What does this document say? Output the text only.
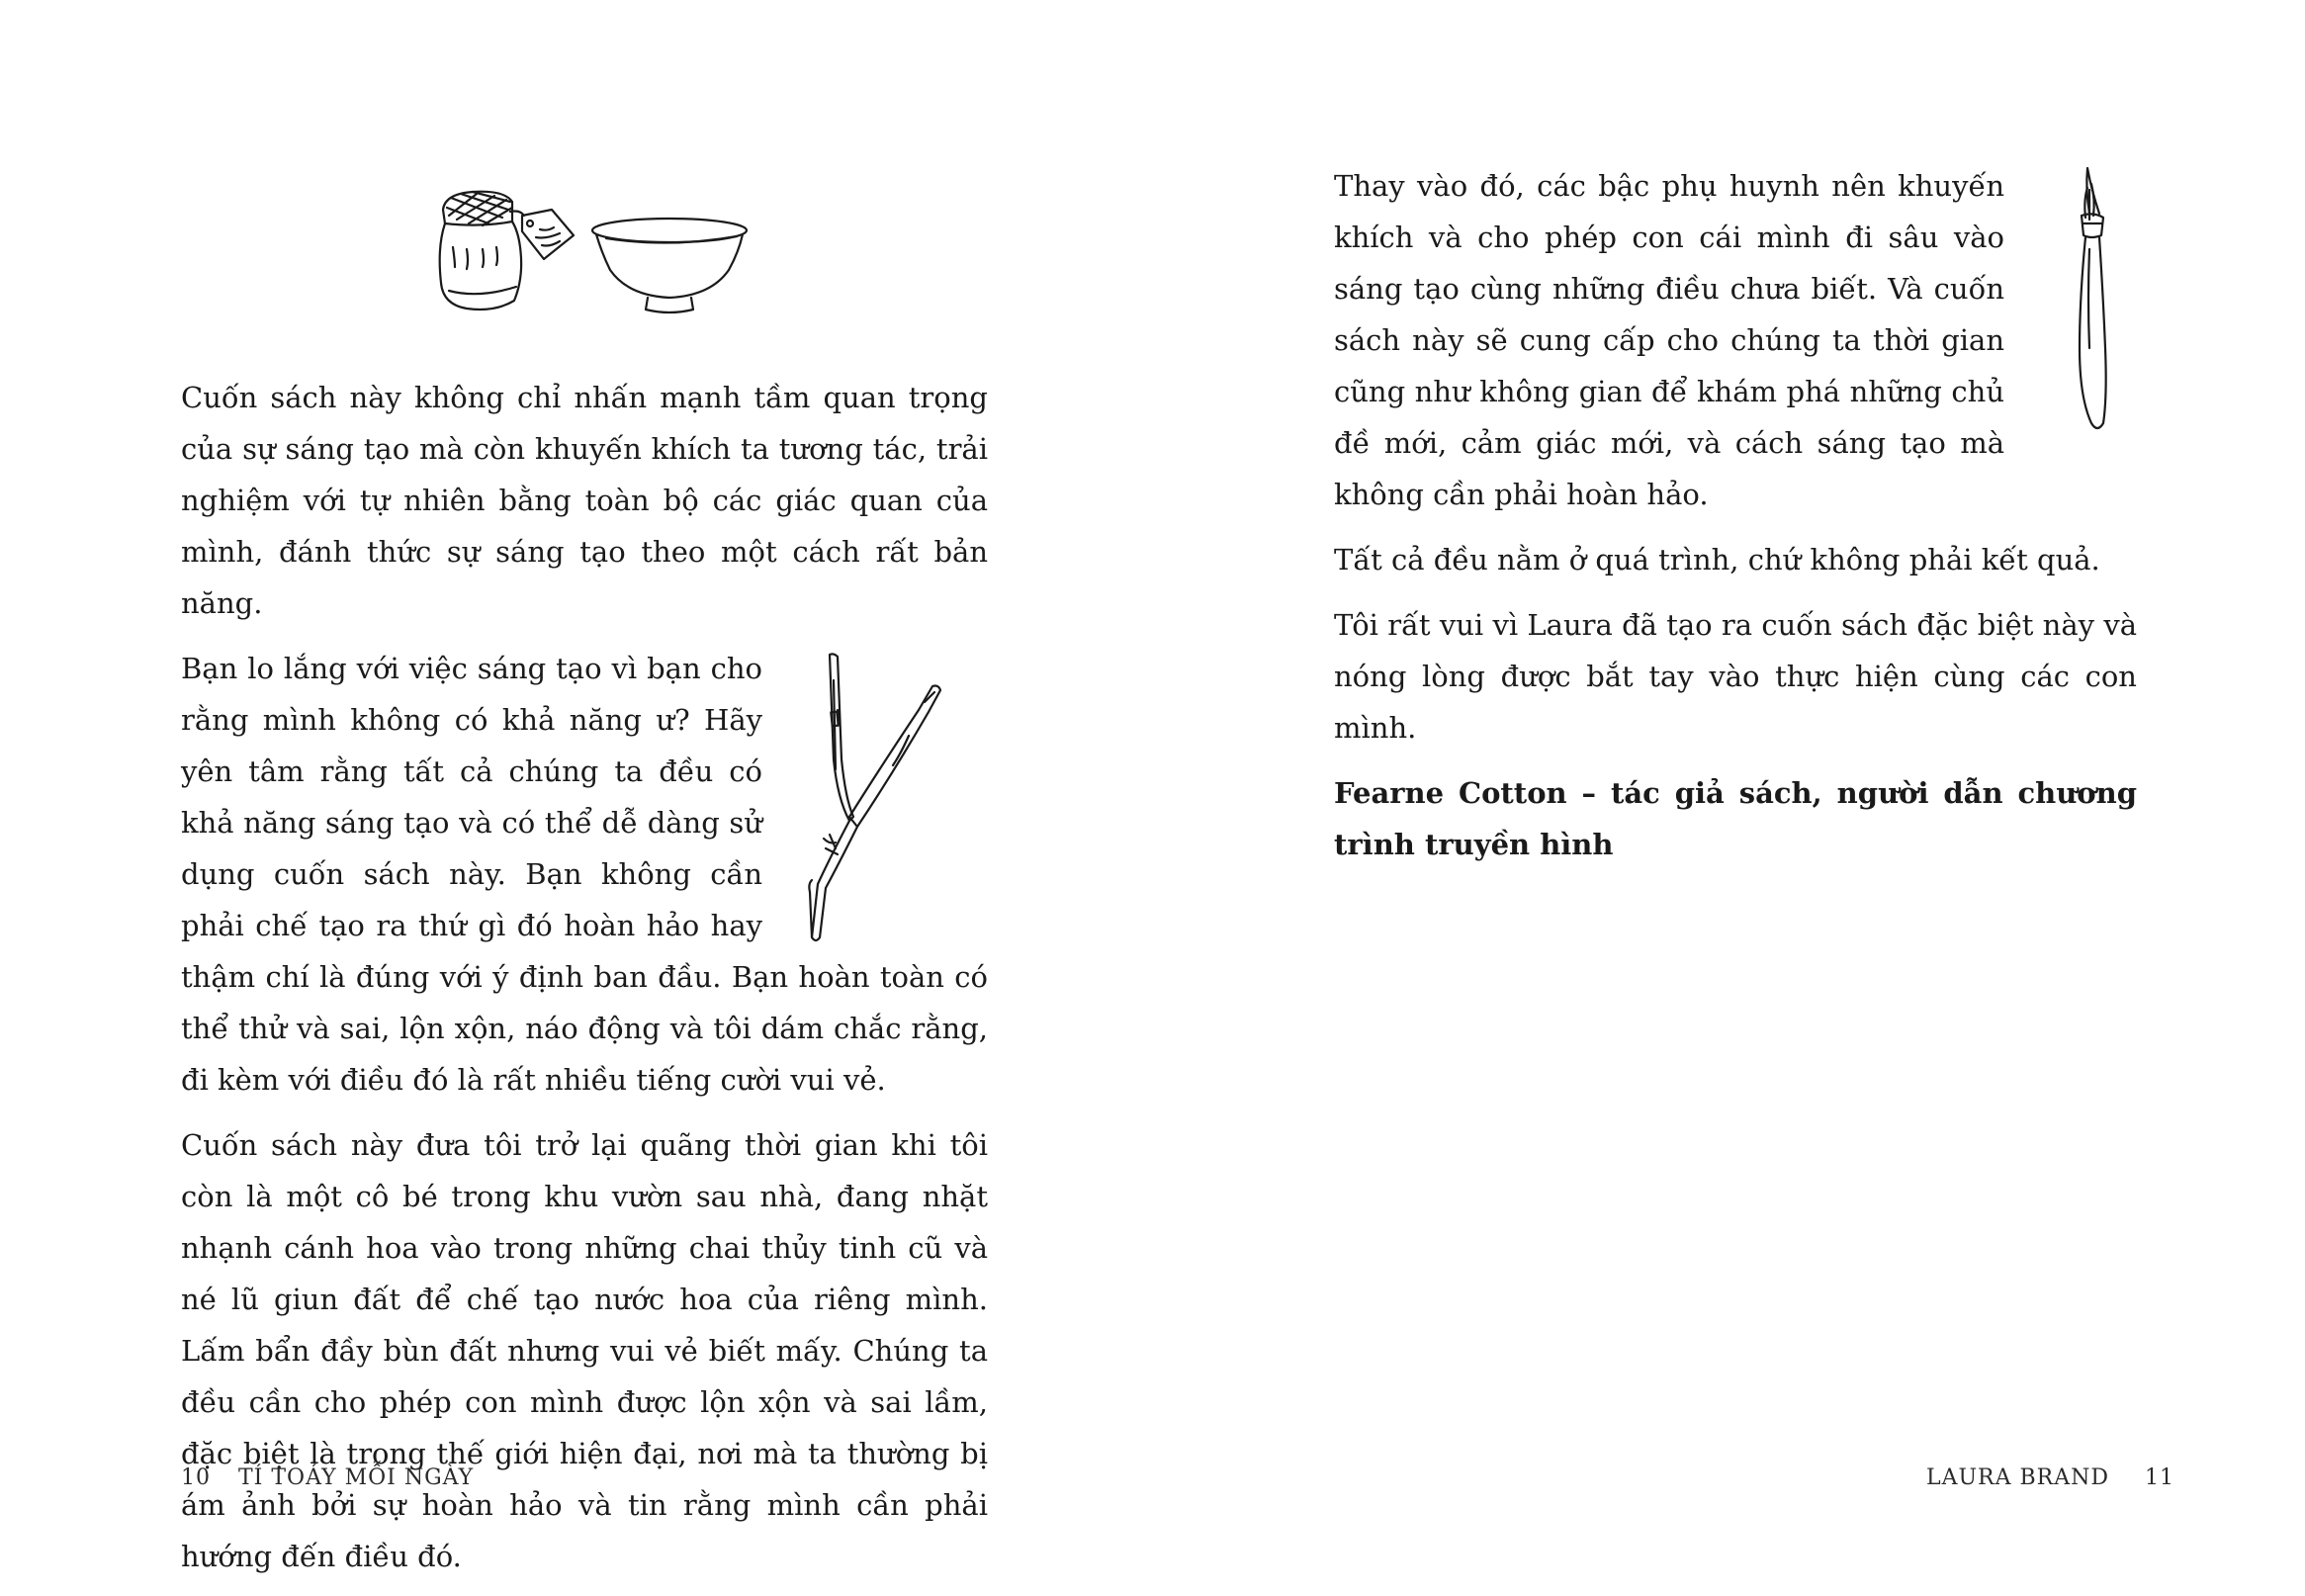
Cuốn sách này không chỉ nhấn mạnh tầm quan trọng của sự sáng tạo mà còn khuyến khích ta tương tác, trải nghiệm với tự nhiên bằng toàn bộ các giác quan của mình, đánh thức sự sáng tạo theo một cách rất bản năng.

Bạn lo lắng với việc sáng tạo vì bạn cho rằng mình không có khả năng ư? Hãy yên tâm rằng tất cả chúng ta đều có khả năng sáng tạo và có thể dễ dàng sử dụng cuốn sách này. Bạn không cần phải chế tạo ra thứ gì đó hoàn hảo hay thậm chí là đúng với ý định ban đầu. Bạn hoàn toàn có thể thử và sai, lộn xộn, náo động và tôi dám chắc rằng, đi kèm với điều đó là rất nhiều tiếng cười vui vẻ.

Cuốn sách này đưa tôi trở lại quãng thời gian khi tôi còn là một cô bé trong khu vườn sau nhà, đang nhặt nhạnh cánh hoa vào trong những chai thủy tinh cũ và né lũ giun đất để chế tạo nước hoa của riêng mình. Lấm bẩn đầy bùn đất nhưng vui vẻ biết mấy. Chúng ta đều cần cho phép con mình được lộn xộn và sai lầm, đặc biệt là trong thế giới hiện đại, nơi mà ta thường bị ám ảnh bởi sự hoàn hảo và tin rằng mình cần phải hướng đến điều đó.

10 TÍ TOÁY MỖI NGÀY

Thay vào đó, các bậc phụ huynh nên khuyến khích và cho phép con cái mình đi sâu vào sáng tạo cùng những điều chưa biết. Và cuốn sách này sẽ cung cấp cho chúng ta thời gian cũng như không gian để khám phá những chủ đề mới, cảm giác mới, và cách sáng tạo mà không cần phải hoàn hảo.

Tất cả đều nằm ở quá trình, chứ không phải kết quả.

Tôi rất vui vì Laura đã tạo ra cuốn sách đặc biệt này và nóng lòng được bắt tay vào thực hiện cùng các con mình.

Fearne Cotton – tác giả sách, người dẫn chương trình truyền hình

LAURA BRAND 11
